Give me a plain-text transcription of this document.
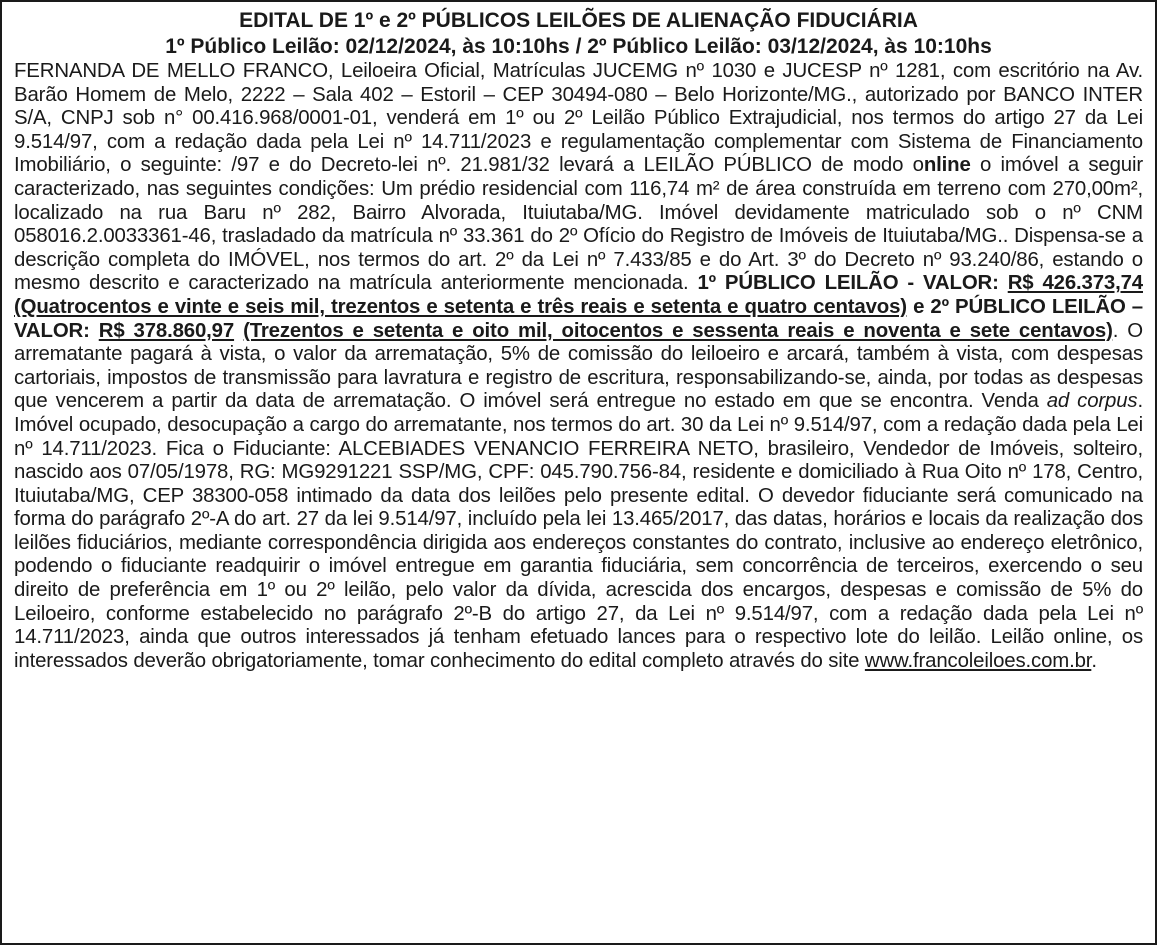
EDITAL DE 1º e 2º PÚBLICOS LEILÕES DE ALIENAÇÃO FIDUCIÁRIA
1º Público Leilão: 02/12/2024, às 10:10hs / 2º Público Leilão: 03/12/2024, às 10:10hs

FERNANDA DE MELLO FRANCO, Leiloeira Oficial, Matrículas JUCEMG nº 1030 e JUCESP nº 1281, com escritório na Av. Barão Homem de Melo, 2222 – Sala 402 – Estoril – CEP 30494-080 – Belo Horizonte/MG., autorizado por BANCO INTER S/A, CNPJ sob n° 00.416.968/0001-01, venderá em 1º ou 2º Leilão Público Extrajudicial, nos termos do artigo 27 da Lei 9.514/97, com a redação dada pela Lei nº 14.711/2023 e regulamentação complementar com Sistema de Financiamento Imobiliário, o seguinte: /97 e do Decreto-lei nº. 21.981/32 levará a LEILÃO PÚBLICO de modo online o imóvel a seguir caracterizado, nas seguintes condições: Um prédio residencial com 116,74 m² de área construída em terreno com 270,00m², localizado na rua Baru nº 282, Bairro Alvorada, Ituiutaba/MG. Imóvel devidamente matriculado sob o nº CNM 058016.2.0033361-46, trasladado da matrícula nº 33.361 do 2º Ofício do Registro de Imóveis de Ituiutaba/MG.. Dispensa-se a descrição completa do IMÓVEL, nos termos do art. 2º da Lei nº 7.433/85 e do Art. 3º do Decreto nº 93.240/86, estando o mesmo descrito e caracterizado na matrícula anteriormente mencionada. 1º PÚBLICO LEILÃO - VALOR: R$ 426.373,74 (Quatrocentos e vinte e seis mil, trezentos e setenta e três reais e setenta e quatro centavos) e 2º PÚBLICO LEILÃO – VALOR: R$ 378.860,97 (Trezentos e setenta e oito mil, oitocentos e sessenta reais e noventa e sete centavos). O arrematante pagará à vista, o valor da arrematação, 5% de comissão do leiloeiro e arcará, também à vista, com despesas cartoriais, impostos de transmissão para lavratura e registro de escritura, responsabilizando-se, ainda, por todas as despesas que vencerem a partir da data de arrematação. O imóvel será entregue no estado em que se encontra. Venda ad corpus. Imóvel ocupado, desocupação a cargo do arrematante, nos termos do art. 30 da Lei nº 9.514/97, com a redação dada pela Lei nº 14.711/2023. Fica o Fiduciante: ALCEBIADES VENANCIO FERREIRA NETO, brasileiro, Vendedor de Imóveis, solteiro, nascido aos 07/05/1978, RG: MG9291221 SSP/MG, CPF: 045.790.756-84, residente e domiciliado à Rua Oito nº 178, Centro, Ituiutaba/MG, CEP 38300-058 intimado da data dos leilões pelo presente edital. O devedor fiduciante será comunicado na forma do parágrafo 2º-A do art. 27 da lei 9.514/97, incluído pela lei 13.465/2017, das datas, horários e locais da realização dos leilões fiduciários, mediante correspondência dirigida aos endereços constantes do contrato, inclusive ao endereço eletrônico, podendo o fiduciante readquirir o imóvel entregue em garantia fiduciária, sem concorrência de terceiros, exercendo o seu direito de preferência em 1º ou 2º leilão, pelo valor da dívida, acrescida dos encargos, despesas e comissão de 5% do Leiloeiro, conforme estabelecido no parágrafo 2º-B do artigo 27, da Lei nº 9.514/97, com a redação dada pela Lei nº 14.711/2023, ainda que outros interessados já tenham efetuado lances para o respectivo lote do leilão. Leilão online, os interessados deverão obrigatoriamente, tomar conhecimento do edital completo através do site www.francoleiloes.com.br.
